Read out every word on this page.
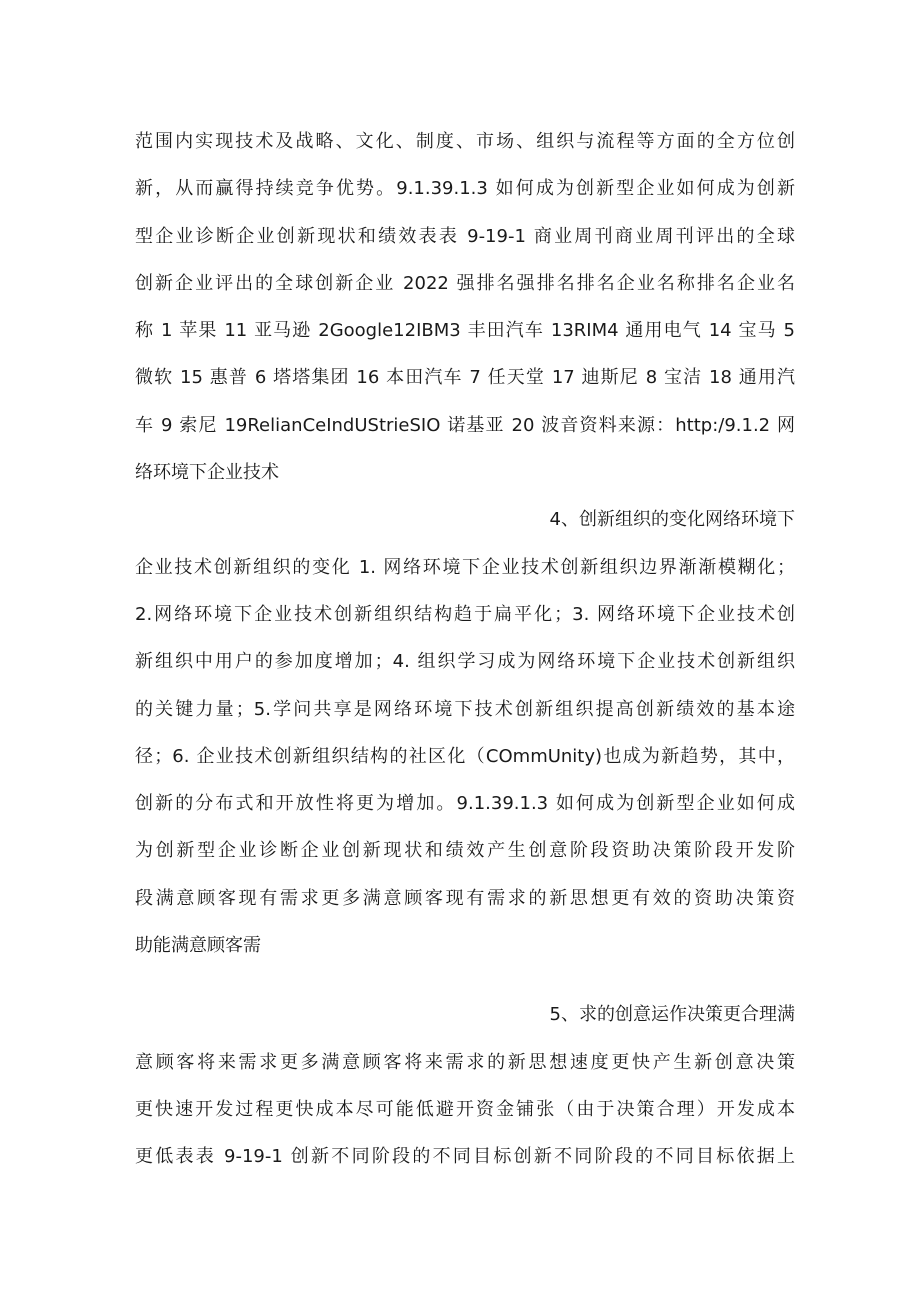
范围内实现技术及战略、文化、制度、市场、组织与流程等方面的全方位创
新，从而赢得持续竞争优势。9.1.39.1.3 如何成为创新型企业如何成为创新
型企业诊断企业创新现状和绩效表表 9-19-1 商业周刊商业周刊评出的全球
创新企业评出的全球创新企业 2022 强排名强排名排名企业名称排名企业名
称 1 苹果 11 亚马逊 2Google12IBM3 丰田汽车 13RIM4 通用电气 14 宝马 5
微软 15 惠普 6 塔塔集团 16 本田汽车 7 任天堂 17 迪斯尼 8 宝洁 18 通用汽
车 9 索尼 19RelianCeIndUStrieSIO 诺基亚 20 波音资料来源：http:/9.1.2 网
络环境下企业技术
4、创新组织的变化网络环境下
企业技术创新组织的变化 1. 网络环境下企业技术创新组织边界渐渐模糊化；
2.网络环境下企业技术创新组织结构趋于扁平化；3. 网络环境下企业技术创
新组织中用户的参加度增加；4. 组织学习成为网络环境下企业技术创新组织
的关键力量；5.学问共享是网络环境下技术创新组织提高创新绩效的基本途
径；6. 企业技术创新组织结构的社区化（COmmUnity)也成为新趋势，其中，
创新的分布式和开放性将更为增加。9.1.39.1.3 如何成为创新型企业如何成
为创新型企业诊断企业创新现状和绩效产生创意阶段资助决策阶段开发阶
段满意顾客现有需求更多满意顾客现有需求的新思想更有效的资助决策资
助能满意顾客需
5、求的创意运作决策更合理满
意顾客将来需求更多满意顾客将来需求的新思想速度更快产生新创意决策
更快速开发过程更快成本尽可能低避开资金铺张（由于决策合理）开发成本
更低表表 9-19-1 创新不同阶段的不同目标创新不同阶段的不同目标依据上
